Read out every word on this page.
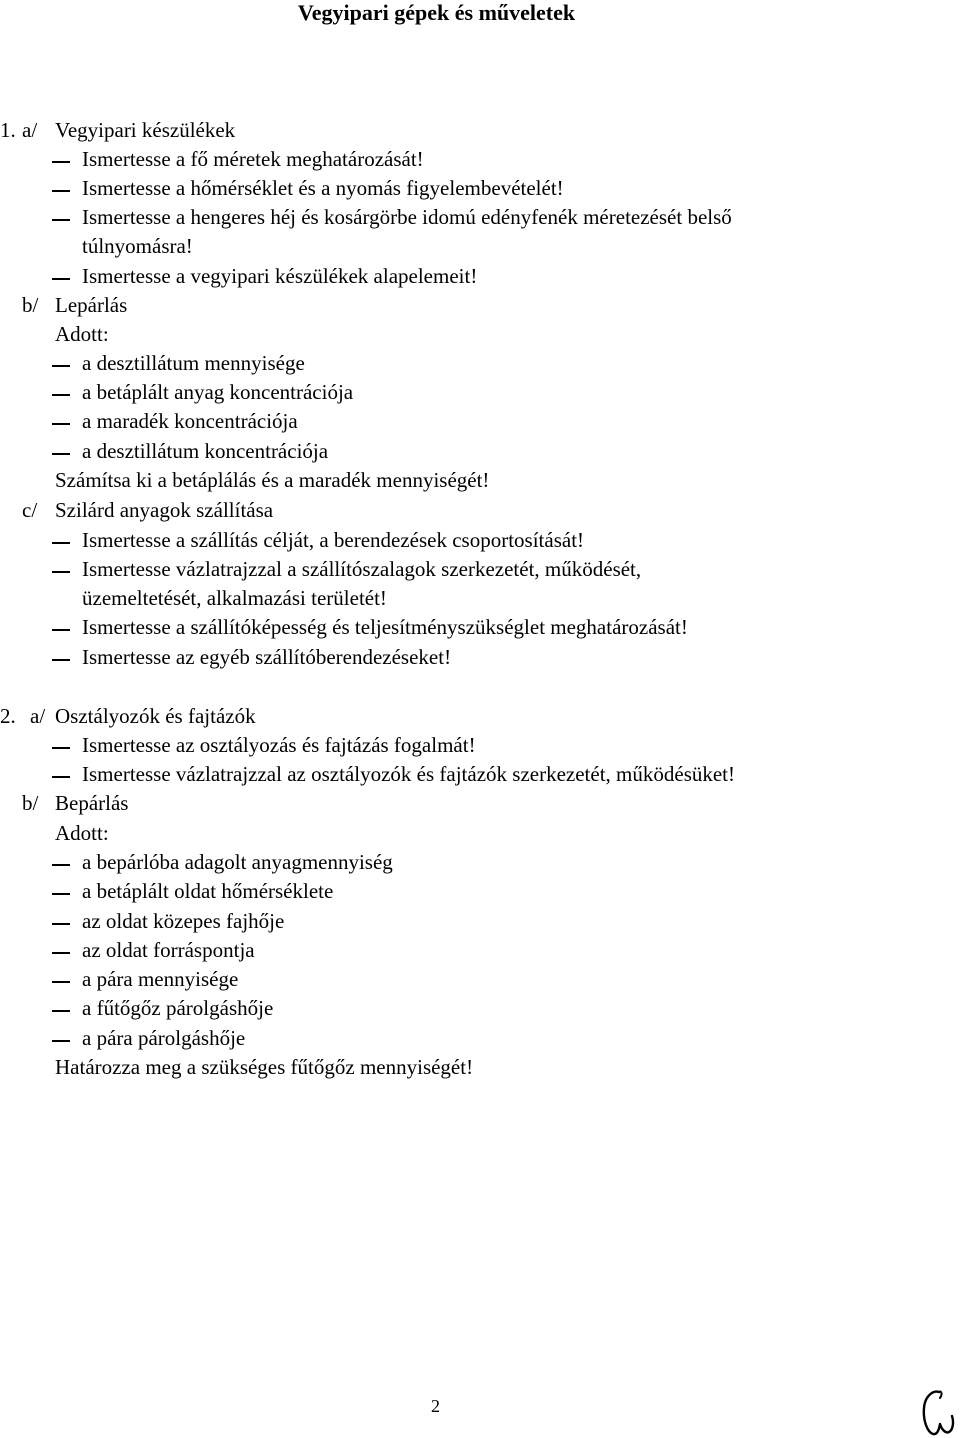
Vegyipari gépek és műveletek
1. a/ Vegyipari készülékek
Ismertesse a fő méretek meghatározását!
Ismertesse a hőmérséklet és a nyomás figyelembevételét!
Ismertesse a hengeres héj és kosárgörbe idomú edényfenék méretezését belső
túlnyomásra!
Ismertesse a vegyipari készülékek alapelemeit!
b/ Lepárlás
Adott:
a desztillátum mennyisége
a betáplált anyag koncentrációja
a maradék koncentrációja
a desztillátum koncentrációja
Számítsa ki a betáplálás és a maradék mennyiségét!
c/ Szilárd anyagok szállítása
Ismertesse a szállítás célját, a berendezések csoportosítását!
Ismertesse vázlatrajzzal a szállítószalagok szerkezetét, működését,
üzemeltetését, alkalmazási területét!
Ismertesse a szállítóképesség és teljesítményszükséglet meghatározását!
Ismertesse az egyéb szállítóberendezéseket!
2. a/ Osztályozók és fajtázók
Ismertesse az osztályozás és fajtázás fogalmát!
Ismertesse vázlatrajzzal az osztályozók és fajtázók szerkezetét, működésüket!
b/ Bepárlás
Adott:
a bepárlóba adagolt anyagmennyiség
a betáplált oldat hőmérséklete
az oldat közepes fajhője
az oldat forráspontja
a pára mennyisége
a fűtőgőz párolgáshője
a pára párolgáshője
Határozza meg a szükséges fűtőgőz mennyiségét!
2
